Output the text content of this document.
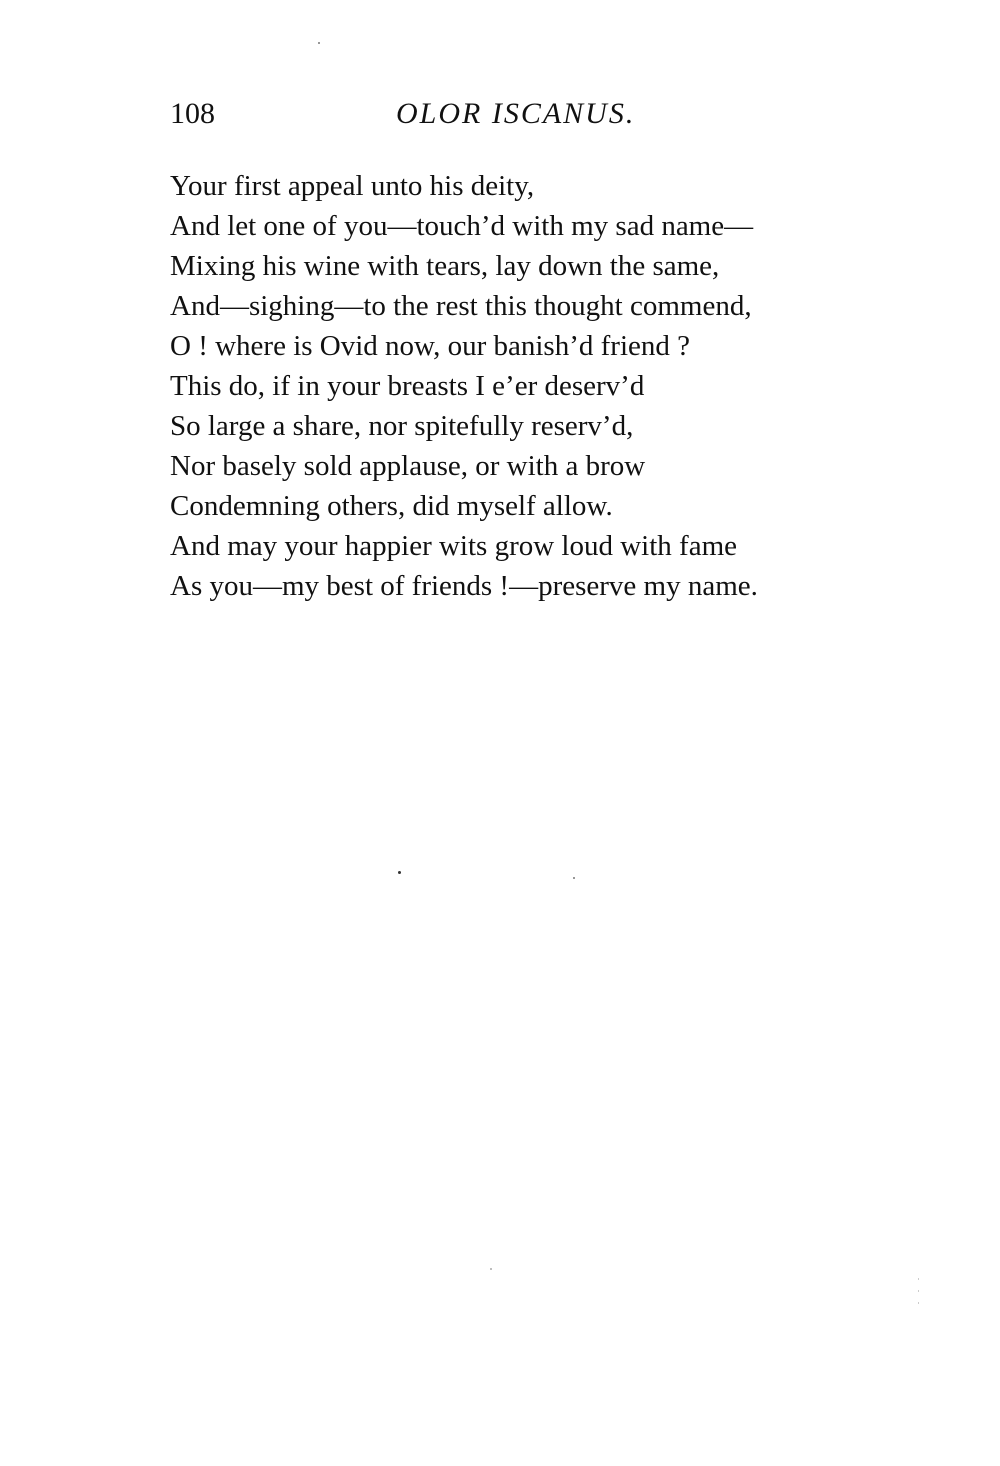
108	OLOR ISCANUS.
Your first appeal unto his deity,
And let one of you—touch’d with my sad name—
Mixing his wine with tears, lay down the same,
And—sighing—to the rest this thought commend,
O ! where is Ovid now, our banish’d friend ?
This do, if in your breasts I e’er deserv’d
So large a share, nor spitefully reserv’d,
Nor basely sold applause, or with a brow
Condemning others, did myself allow.
And may your happier wits grow loud with fame
As you—my best of friends !—preserve my name.
